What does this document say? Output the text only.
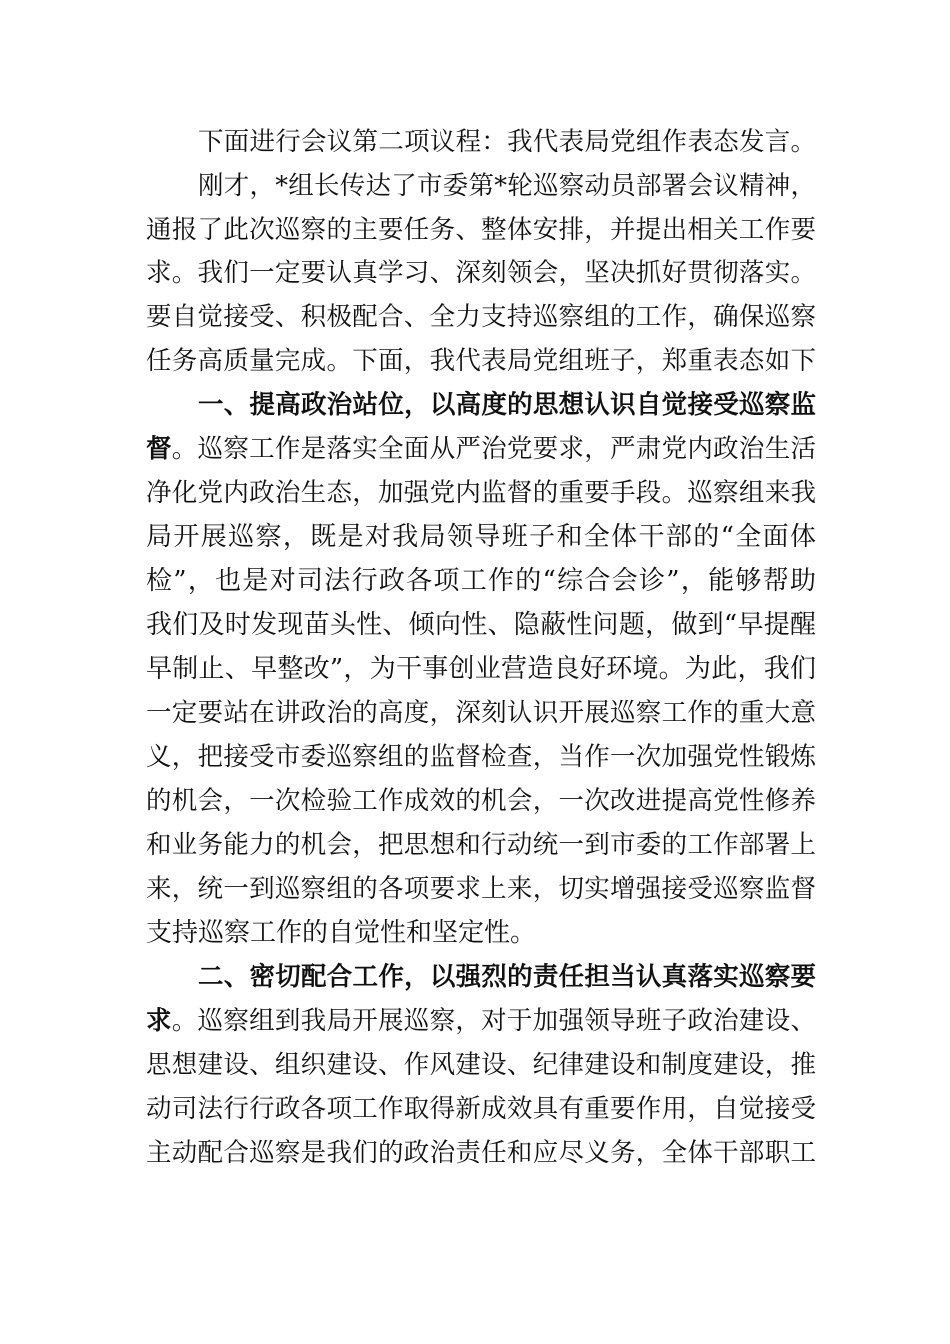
下面进行会议第二项议程：我代表局党组作表态发言。
刚才，*组长传达了市委第*轮巡察动员部署会议精神，
通报了此次巡察的主要任务、整体安排，并提出相关工作要
求。我们一定要认真学习、深刻领会，坚决抓好贯彻落实。
要自觉接受、积极配合、全力支持巡察组的工作，确保巡察
任务高质量完成。下面，我代表局党组班子，郑重表态如下
一、提高政治站位，以高度的思想认识自觉接受巡察监
督。巡察工作是落实全面从严治党要求，严肃党内政治生活
净化党内政治生态，加强党内监督的重要手段。巡察组来我
局开展巡察，既是对我局领导班子和全体干部的“全面体
检”，也是对司法行政各项工作的“综合会诊”，能够帮助
我们及时发现苗头性、倾向性、隐蔽性问题，做到“早提醒
早制止、早整改”，为干事创业营造良好环境。为此，我们
一定要站在讲政治的高度，深刻认识开展巡察工作的重大意
义，把接受市委巡察组的监督检查，当作一次加强党性锻炼
的机会，一次检验工作成效的机会，一次改进提高党性修养
和业务能力的机会，把思想和行动统一到市委的工作部署上
来，统一到巡察组的各项要求上来，切实增强接受巡察监督
支持巡察工作的自觉性和坚定性。
二、密切配合工作，以强烈的责任担当认真落实巡察要
求。巡察组到我局开展巡察，对于加强领导班子政治建设、
思想建设、组织建设、作风建设、纪律建设和制度建设，推
动司法行行政各项工作取得新成效具有重要作用，自觉接受
主动配合巡察是我们的政治责任和应尽义务，全体干部职工
